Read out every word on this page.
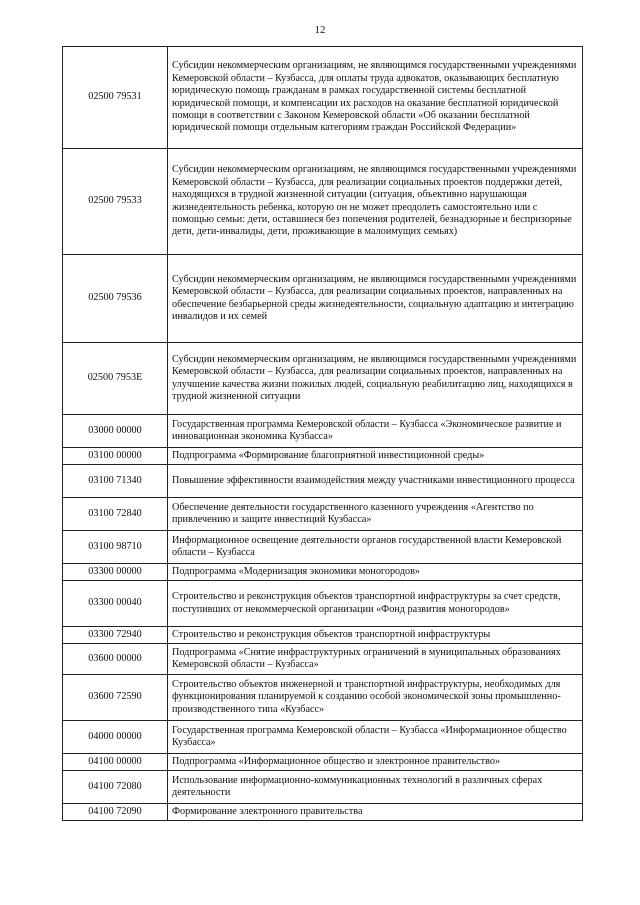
12
02500 79531	Субсидии некоммерческим организациям, не являющимся государственными учреждениями Кемеровской области – Кузбасса, для оплаты труда адвокатов, оказывающих бесплатную юридическую помощь гражданам в рамках государственной системы бесплатной юридической помощи, и компенсации их расходов на оказание бесплатной юридической помощи в соответствии с Законом Кемеровской области «Об оказании бесплатной юридической помощи отдельным категориям граждан Российской Федерации»
02500 79533	Субсидии некоммерческим организациям, не являющимся государственными учреждениями Кемеровской области – Кузбасса, для реализации социальных проектов поддержки детей, находящихся в трудной жизненной ситуации (ситуация, объективно нарушающая жизнедеятельность ребенка, которую он не может преодолеть самостоятельно или с помощью семьи: дети, оставшиеся без попечения родителей, безнадзорные и беспризорные дети, дети-инвалиды, дети, проживающие в малоимущих семьях)
02500 79536	Субсидии некоммерческим организациям, не являющимся государственными учреждениями Кемеровской области – Кузбасса, для реализации социальных проектов, направленных на обеспечение безбарьерной среды жизнедеятельности, социальную адаптацию и интеграцию инвалидов и их семей
02500 7953Е	Субсидии некоммерческим организациям, не являющимся государственными учреждениями Кемеровской области – Кузбасса, для реализации социальных проектов, направленных на улучшение качества жизни пожилых людей, социальную реабилитацию лиц, находящихся в трудной жизненной ситуации
03000 00000	Государственная программа Кемеровской области – Кузбасса «Экономическое развитие и инновационная экономика Кузбасса»
03100 00000	Подпрограмма «Формирование благоприятной инвестиционной среды»
03100 71340	Повышение эффективности взаимодействия между участниками инвестиционного процесса
03100 72840	Обеспечение деятельности государственного казенного учреждения «Агентство по привлечению и защите инвестиций Кузбасса»
03100 98710	Информационное освещение деятельности органов государственной власти Кемеровской области – Кузбасса
03300 00000	Подпрограмма «Модернизация экономики моногородов»
03300 00040	Строительство и реконструкция объектов транспортной инфраструктуры за счет средств, поступивших от некоммерческой организации «Фонд развития моногородов»
03300 72940	Строительство и реконструкция объектов транспортной инфраструктуры
03600 00000	Подпрограмма «Снятие инфраструктурных ограничений в муниципальных образованиях Кемеровской области – Кузбасса»
03600 72590	Строительство объектов инженерной и транспортной инфраструктуры, необходимых для функционирования планируемой к созданию особой экономической зоны промышленно-производственного типа «Кузбасс»
04000 00000	Государственная программа Кемеровской области – Кузбасса «Информационное общество Кузбасса»
04100 00000	Подпрограмма «Информационное общество и электронное правительство»
04100 72080	Использование информационно-коммуникационных технологий в различных сферах деятельности
04100 72090	Формирование электронного правительства
